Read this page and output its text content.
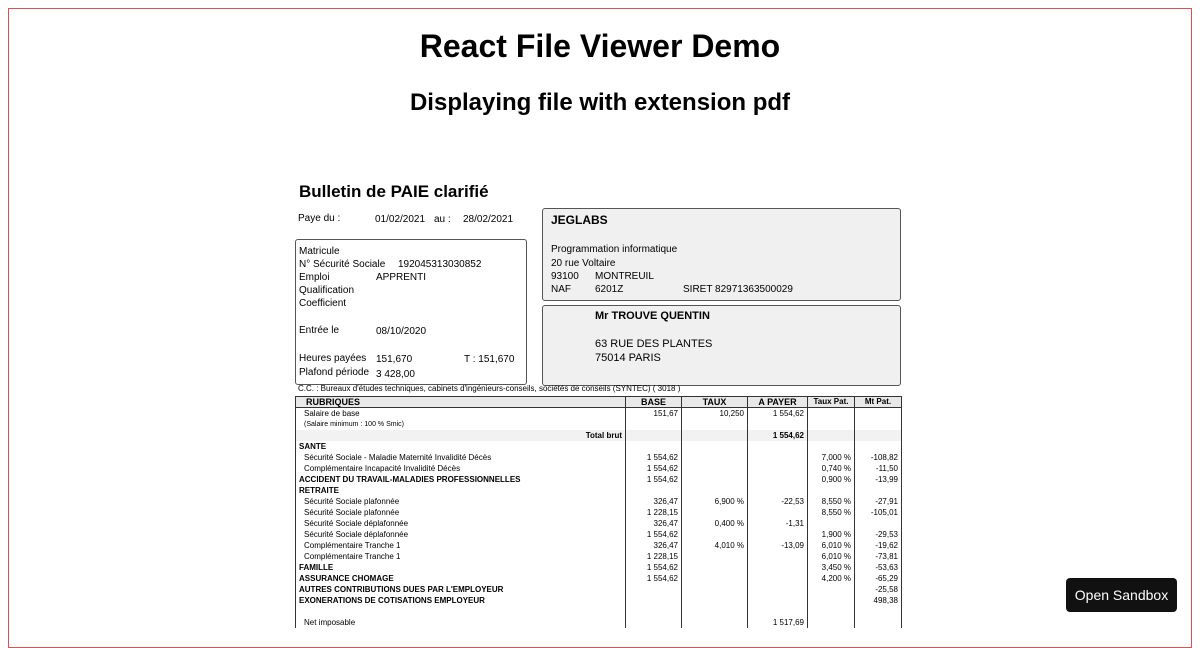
React File Viewer Demo
Displaying file with extension pdf
Bulletin de PAIE clarifié
Paye du :	01/02/2021 au : 28/02/2021
Matricule
N° Sécurité Sociale 192045313030852
Emploi	APPRENTI
Qualification
Coefficient
Entrée le	08/10/2020
Heures payées 151,670	T : 151,670
Plafond période 3 428,00
JEGLABS
Programmation informatique
20 rue Voltaire
93100 MONTREUIL
NAF 6201Z	SIRET 82971363500029
Mr TROUVE QUENTIN
63 RUE DES PLANTES
75014 PARIS
C.C. : Bureaux d'études techniques, cabinets d'ingénieurs-conseils, sociétés de conseils (SYNTEC) ( 3018 )
RUBRIQUES	BASE	TAUX	A PAYER	Taux Pat.	Mt Pat.
Salaire de base	151,67	10,250	1 554,62		
(Salaire minimum : 100 % Smic)					
Total brut			1 554,62		
SANTE					
Sécurité Sociale - Maladie Maternité Invalidité Décès	1 554,62			7,000 %	-108,82
Complémentaire Incapacité Invalidité Décès	1 554,62			0,740 %	-11,50
ACCIDENT DU TRAVAIL-MALADIES PROFESSIONNELLES	1 554,62			0,900 %	-13,99
RETRAITE					
Sécurité Sociale plafonnée	326,47	6,900 %	-22,53	8,550 %	-27,91
Sécurité Sociale plafonnée	1 228,15			8,550 %	-105,01
Sécurité Sociale déplafonnée	326,47	0,400 %	-1,31		
Sécurité Sociale déplafonnée	1 554,62			1,900 %	-29,53
Complémentaire Tranche 1	326,47	4,010 %	-13,09	6,010 %	-19,62
Complémentaire Tranche 1	1 228,15			6,010 %	-73,81
FAMILLE	1 554,62			3,450 %	-53,63
ASSURANCE CHOMAGE	1 554,62			4,200 %	-65,29
AUTRES CONTRIBUTIONS DUES PAR L'EMPLOYEUR					-25,58
EXONERATIONS DE COTISATIONS EMPLOYEUR					498,38

Net imposable			1 517,69		
Open Sandbox
